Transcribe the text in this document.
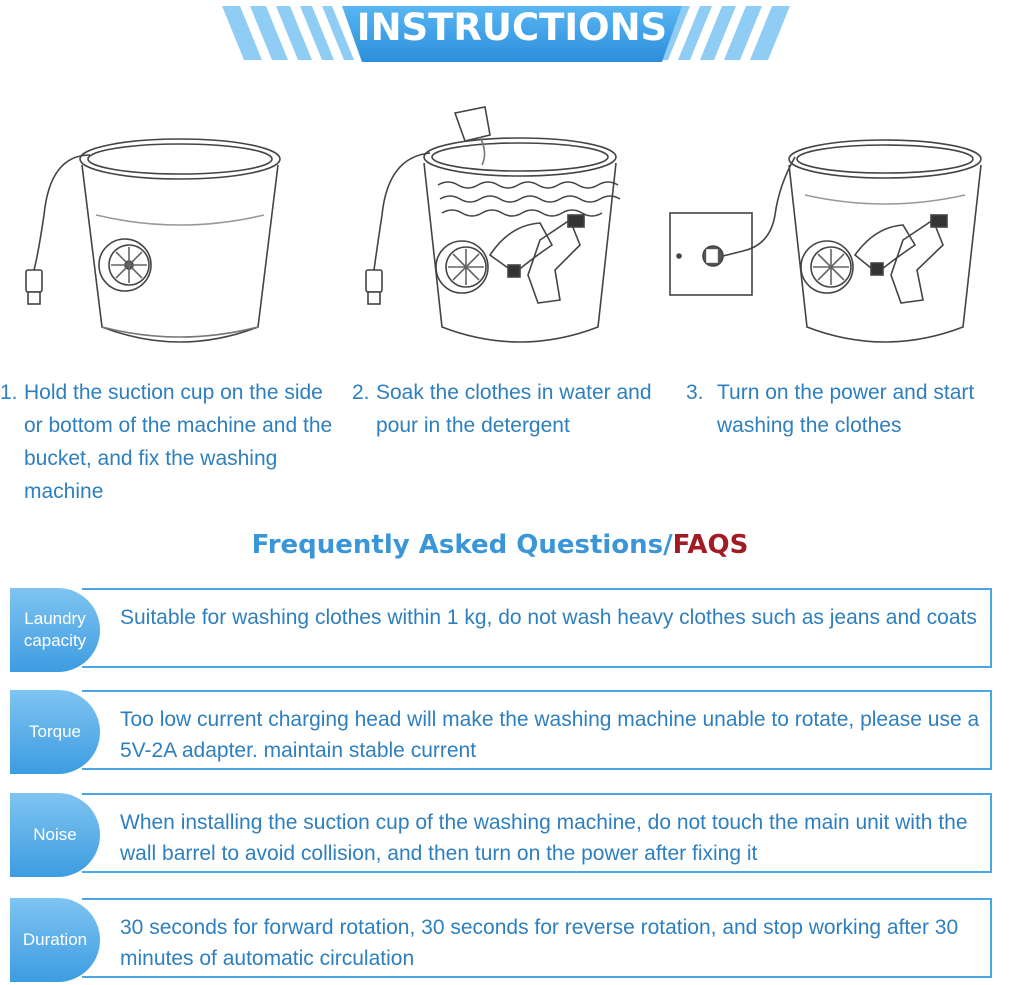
INSTRUCTIONS
1. Hold the suction cup on the side or bottom of the machine and the bucket, and fix the washing machine
2. Soak the clothes in water and pour in the detergent
3. Turn on the power and start washing the clothes
Frequently Asked Questions/FAQS
Laundry
capacity
Suitable for washing clothes within 1 kg, do not wash heavy clothes such as jeans and coats
Torque
Too low current charging head will make the washing machine unable to rotate, please use a 5V-2A adapter. maintain stable current
Noise
When installing the suction cup of the washing machine, do not touch the main unit with the wall barrel to avoid collision, and then turn on the power after fixing it
Duration
30 seconds for forward rotation, 30 seconds for reverse rotation, and stop working after 30 minutes of automatic circulation
